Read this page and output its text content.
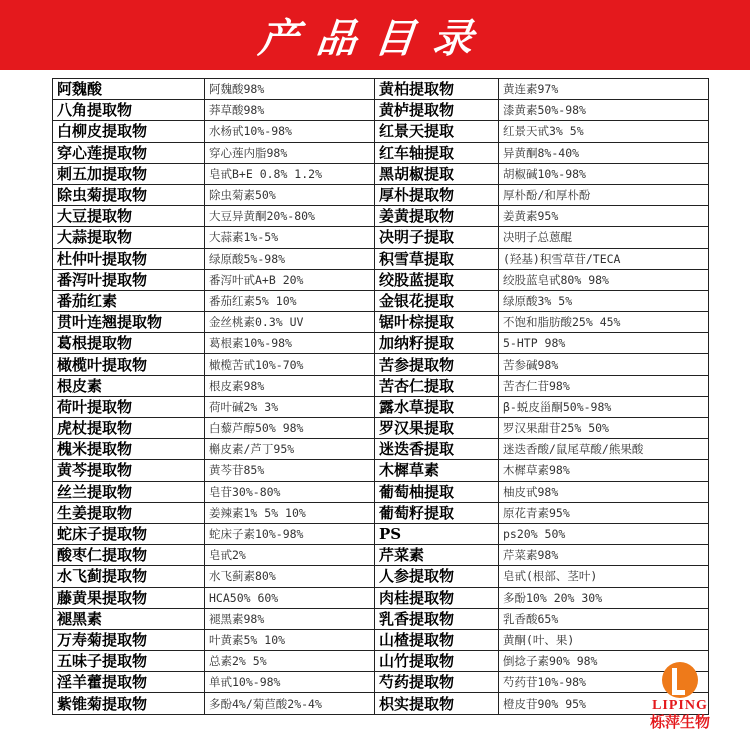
产品目录
阿魏酸	阿魏酸98%	黄柏提取物	黄连素97%
八角提取物	莽草酸98%	黄栌提取物	漆黄素50%-98%
白柳皮提取物	水杨甙10%-98%	红景天提取	红景天甙3% 5%
穿心莲提取物	穿心莲内脂98%	红车轴提取	异黄酮8%-40%
刺五加提取物	皂甙B+E 0.8% 1.2%	黑胡椒提取	胡椒碱10%-98%
除虫菊提取物	除虫菊素50%	厚朴提取物	厚朴酚/和厚朴酚
大豆提取物	大豆异黄酮20%-80%	姜黄提取物	姜黄素95%
大蒜提取物	大蒜素1%-5%	决明子提取	决明子总蒽醌
杜仲叶提取物	绿原酸5%-98%	积雪草提取	(羟基)积雪草苷/TECA
番泻叶提取物	番泻叶甙A+B 20%	绞股蓝提取	绞股蓝皂甙80% 98%
番茄红素	番茄红素5% 10%	金银花提取	绿原酸3% 5%
贯叶连翘提取物	金丝桃素0.3% UV	锯叶棕提取	不饱和脂肪酸25% 45%
葛根提取物	葛根素10%-98%	加纳籽提取	5-HTP 98%
橄榄叶提取物	橄榄苦甙10%-70%	苦参提取物	苦参碱98%
根皮素	根皮素98%	苦杏仁提取	苦杏仁苷98%
荷叶提取物	荷叶碱2% 3%	露水草提取	β-蜕皮甾酮50%-98%
虎杖提取物	白藜芦醇50% 98%	罗汉果提取	罗汉果甜苷25% 50%
槐米提取物	槲皮素/芦丁95%	迷迭香提取	迷迭香酸/鼠尾草酸/熊果酸
黄芩提取物	黄芩苷85%	木樨草素	木樨草素98%
丝兰提取物	皂苷30%-80%	葡萄柚提取	柚皮甙98%
生姜提取物	姜辣素1% 5% 10%	葡萄籽提取	原花青素95%
蛇床子提取物	蛇床子素10%-98%	PS	ps20% 50%
酸枣仁提取物	皂甙2%	芹菜素	芹菜素98%
水飞蓟提取物	水飞蓟素80%	人参提取物	皂甙(根部、茎叶)
藤黄果提取物	HCA50% 60%	肉桂提取物	多酚10% 20% 30%
褪黑素	褪黑素98%	乳香提取物	乳香酸65%
万寿菊提取物	叶黄素5% 10%	山楂提取物	黄酮(叶、果)
五味子提取物	总素2% 5%	山竹提取物	倒捻子素90% 98%
淫羊藿提取物	单甙10%-98%	芍药提取物	芍药苷10%-98%
紫锥菊提取物	多酚4%/菊苣酸2%-4%	枳实提取物	橙皮苷90% 95%	LIPING
栎萍生物
